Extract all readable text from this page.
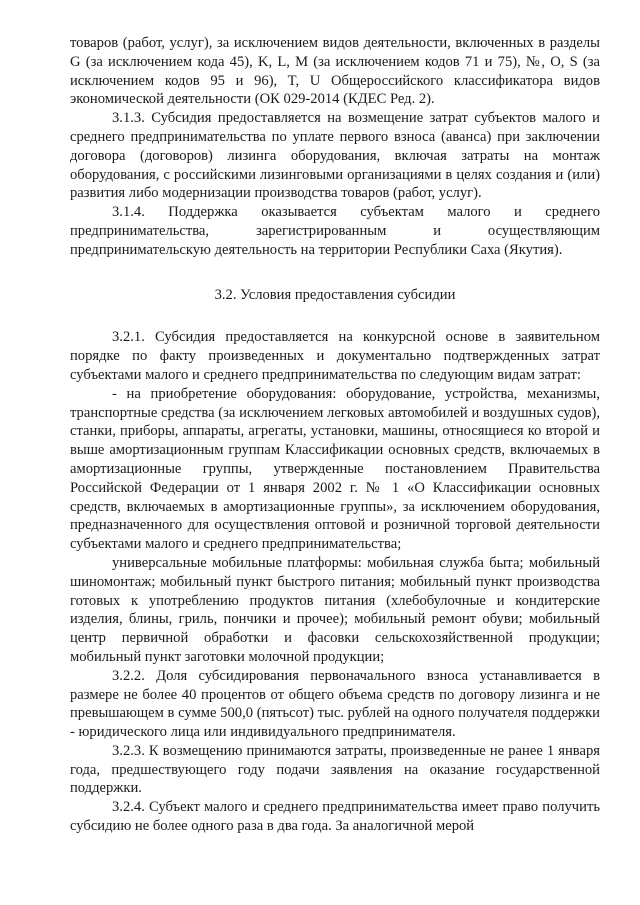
товаров (работ, услуг), за исключением видов деятельности, включенных в разделы G (за исключением кода 45), K, L, M (за исключением кодов 71 и 75), №, O, S (за исключением кодов 95 и 96), T, U Общероссийского классификатора видов экономической деятельности (ОК 029-2014 (КДЕС Ред. 2).

3.1.3. Субсидия предоставляется на возмещение затрат субъектов малого и среднего предпринимательства по уплате первого взноса (аванса) при заключении договора (договоров) лизинга оборудования, включая затраты на монтаж оборудования, с российскими лизинговыми организациями в целях создания и (или) развития либо модернизации производства товаров (работ, услуг).

3.1.4. Поддержка оказывается субъектам малого и среднего предпринимательства, зарегистрированным и осуществляющим предпринимательскую деятельность на территории Республики Саха (Якутия).

3.2. Условия предоставления субсидии

3.2.1. Субсидия предоставляется на конкурсной основе в заявительном порядке по факту произведенных и документально подтвержденных затрат субъектами малого и среднего предпринимательства по следующим видам затрат:

- на приобретение оборудования: оборудование, устройства, механизмы, транспортные средства (за исключением легковых автомобилей и воздушных судов), станки, приборы, аппараты, агрегаты, установки, машины, относящиеся ко второй и выше амортизационным группам Классификации основных средств, включаемых в амортизационные группы, утвержденные постановлением Правительства Российской Федерации от 1 января 2002 г. № 1 «О Классификации основных средств, включаемых в амортизационные группы», за исключением оборудования, предназначенного для осуществления оптовой и розничной торговой деятельности субъектами малого и среднего предпринимательства;

универсальные мобильные платформы: мобильная служба быта; мобильный шиномонтаж; мобильный пункт быстрого питания; мобильный пункт производства готовых к употреблению продуктов питания (хлебобулочные и кондитерские изделия, блины, гриль, пончики и прочее); мобильный ремонт обуви; мобильный центр первичной обработки и фасовки сельскохозяйственной продукции; мобильный пункт заготовки молочной продукции;

3.2.2. Доля субсидирования первоначального взноса устанавливается в размере не более 40 процентов от общего объема средств по договору лизинга и не превышающем в сумме 500,0 (пятьсот) тыс. рублей на одного получателя поддержки - юридического лица или индивидуального предпринимателя.

3.2.3. К возмещению принимаются затраты, произведенные не ранее 1 января года, предшествующего году подачи заявления на оказание государственной поддержки.

3.2.4. Субъект малого и среднего предпринимательства имеет право получить субсидию не более одного раза в два года. За аналогичной мерой
